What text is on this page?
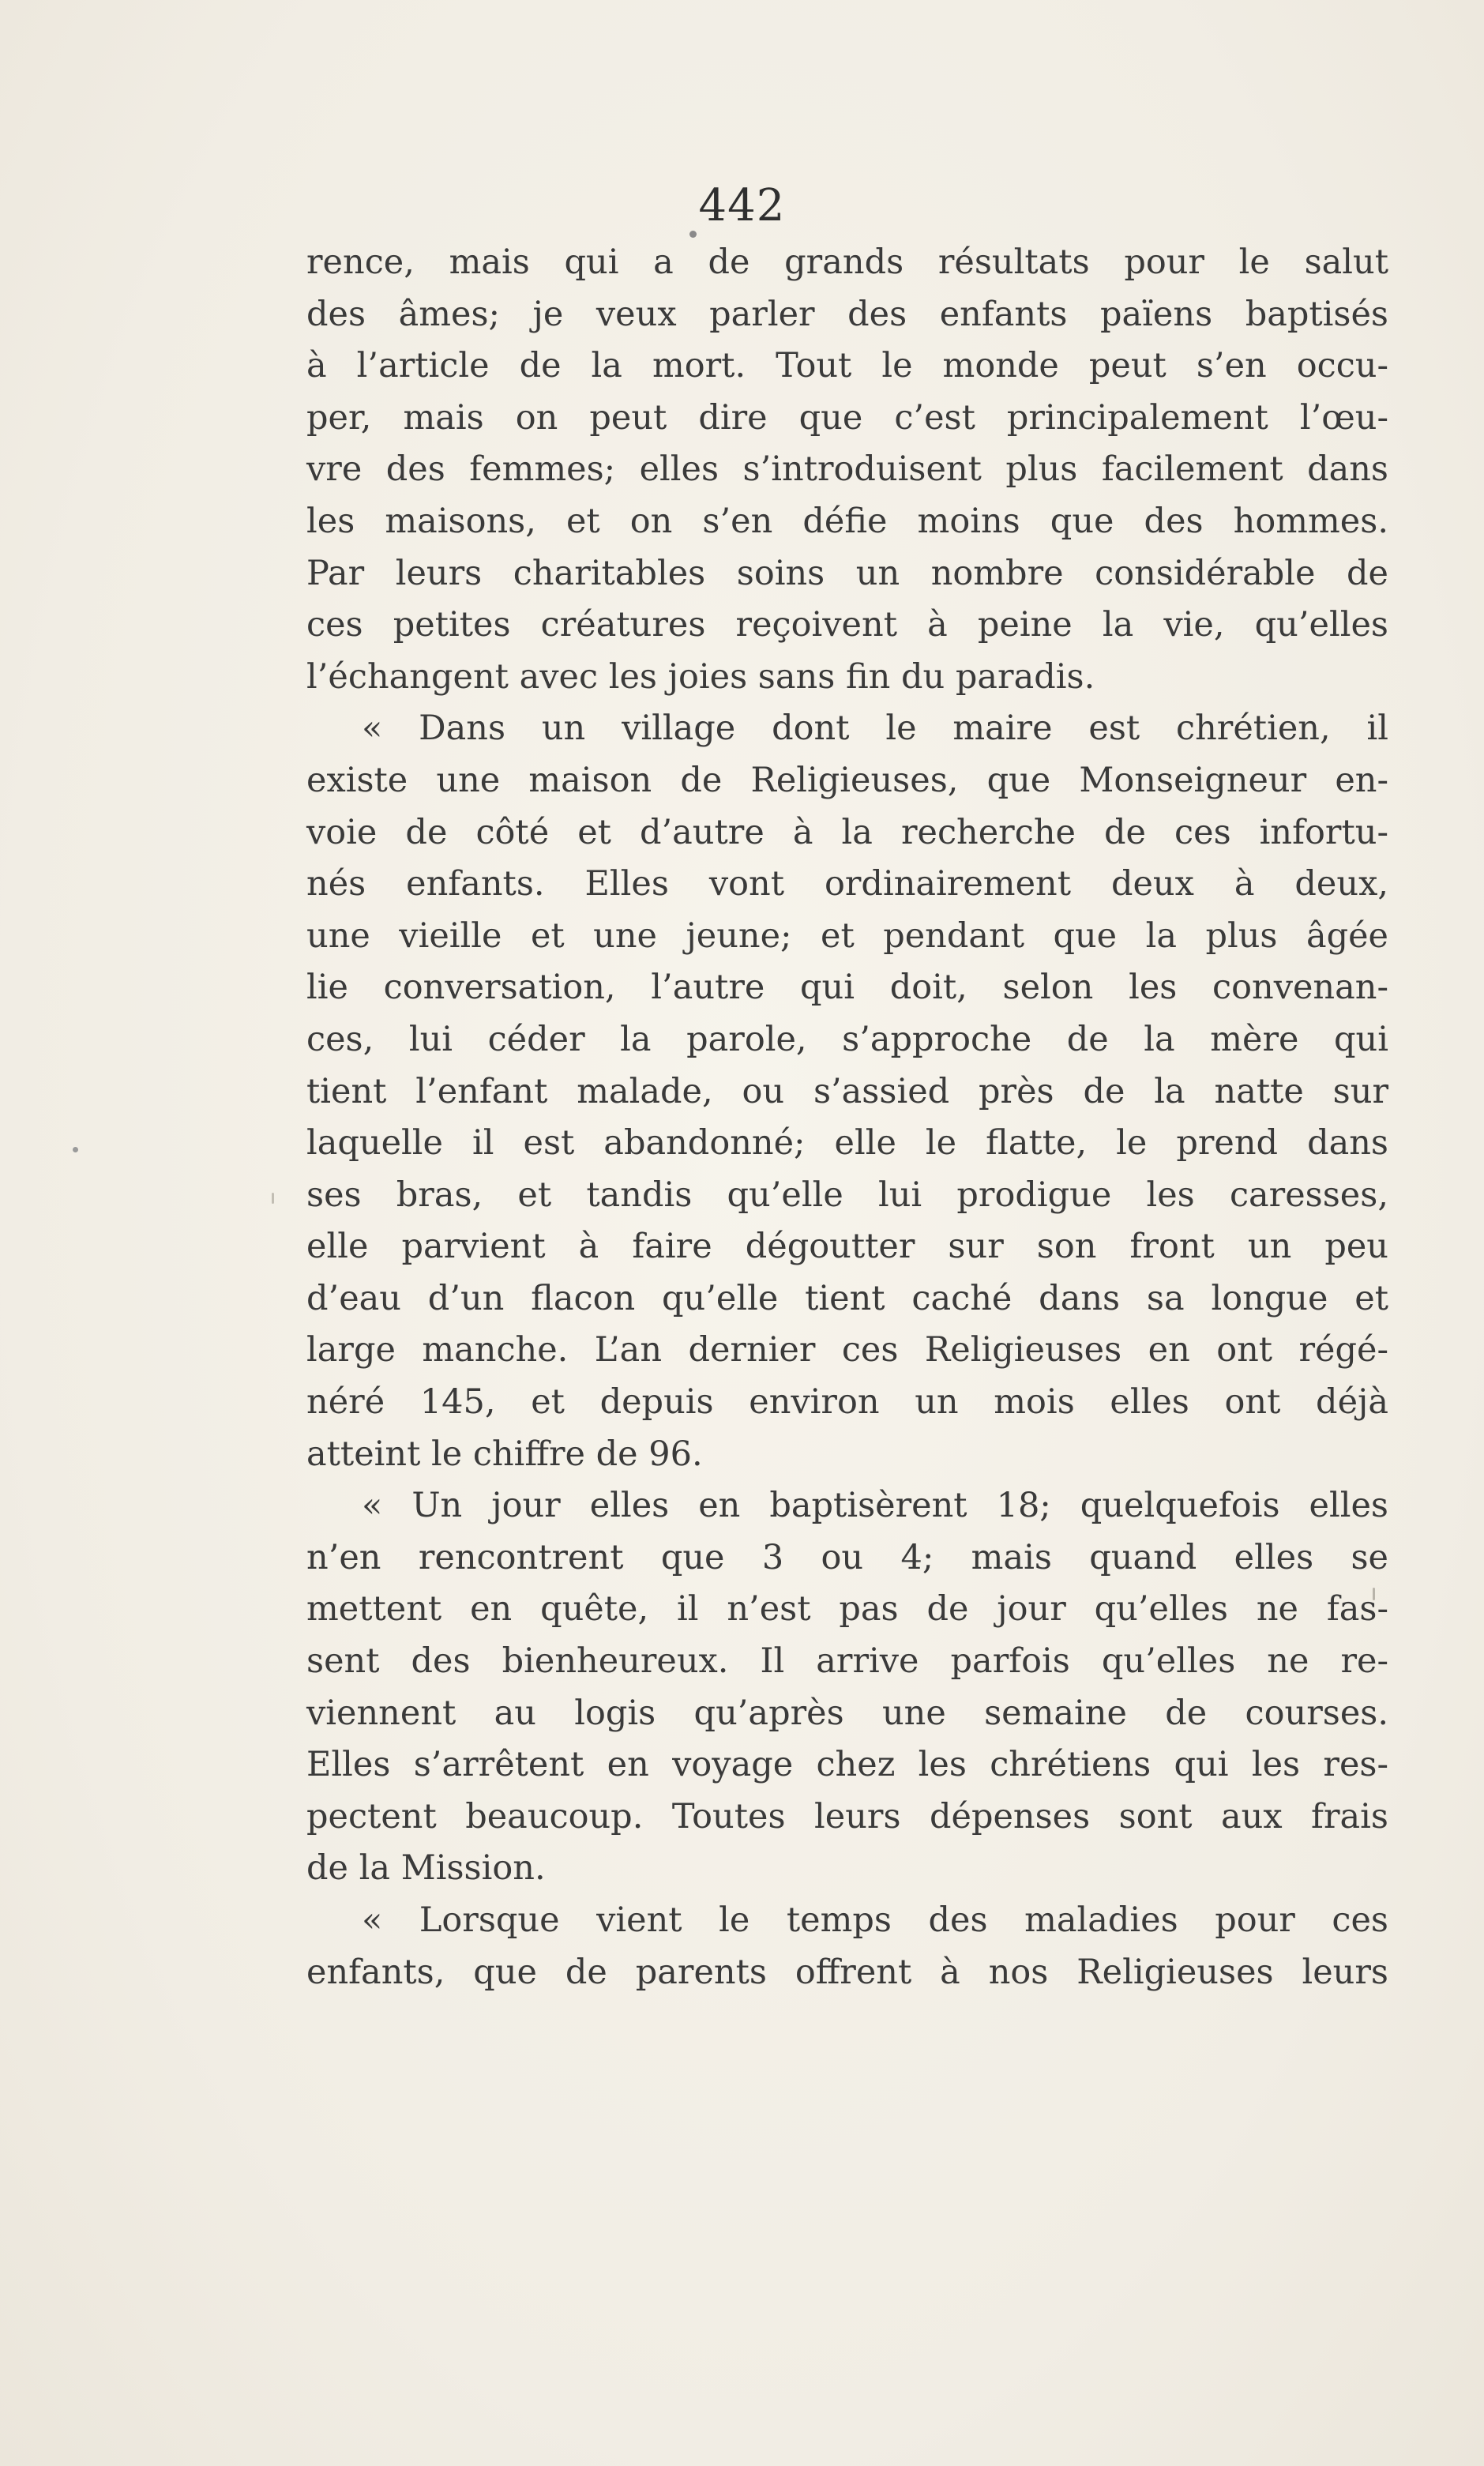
442
rence, mais qui a de grands résultats pour le salut
des âmes; je veux parler des enfants païens baptisés
à l’article de la mort. Tout le monde peut s’en occu-
per, mais on peut dire que c’est principalement l’œu-
vre des femmes; elles s’introduisent plus facilement dans
les maisons, et on s’en défie moins que des hommes.
Par leurs charitables soins un nombre considérable de
ces petites créatures reçoivent à peine la vie, qu’elles
l’échangent avec les joies sans fin du paradis.
« Dans un village dont le maire est chrétien, il
existe une maison de Religieuses, que Monseigneur en-
voie de côté et d’autre à la recherche de ces infortu-
nés enfants. Elles vont ordinairement deux à deux,
une vieille et une jeune; et pendant que la plus âgée
lie conversation, l’autre qui doit, selon les convenan-
ces, lui céder la parole, s’approche de la mère qui
tient l’enfant malade, ou s’assied près de la natte sur
laquelle il est abandonné; elle le flatte, le prend dans
ses bras, et tandis qu’elle lui prodigue les caresses,
elle parvient à faire dégoutter sur son front un peu
d’eau d’un flacon qu’elle tient caché dans sa longue et
large manche. L’an dernier ces Religieuses en ont régé-
néré 145, et depuis environ un mois elles ont déjà
atteint le chiffre de 96.
« Un jour elles en baptisèrent 18; quelquefois elles
n’en rencontrent que 3 ou 4; mais quand elles se
mettent en quête, il n’est pas de jour qu’elles ne fas-
sent des bienheureux. Il arrive parfois qu’elles ne re-
viennent au logis qu’après une semaine de courses.
Elles s’arrêtent en voyage chez les chrétiens qui les res-
pectent beaucoup. Toutes leurs dépenses sont aux frais
de la Mission.
« Lorsque vient le temps des maladies pour ces
enfants, que de parents offrent à nos Religieuses leurs
